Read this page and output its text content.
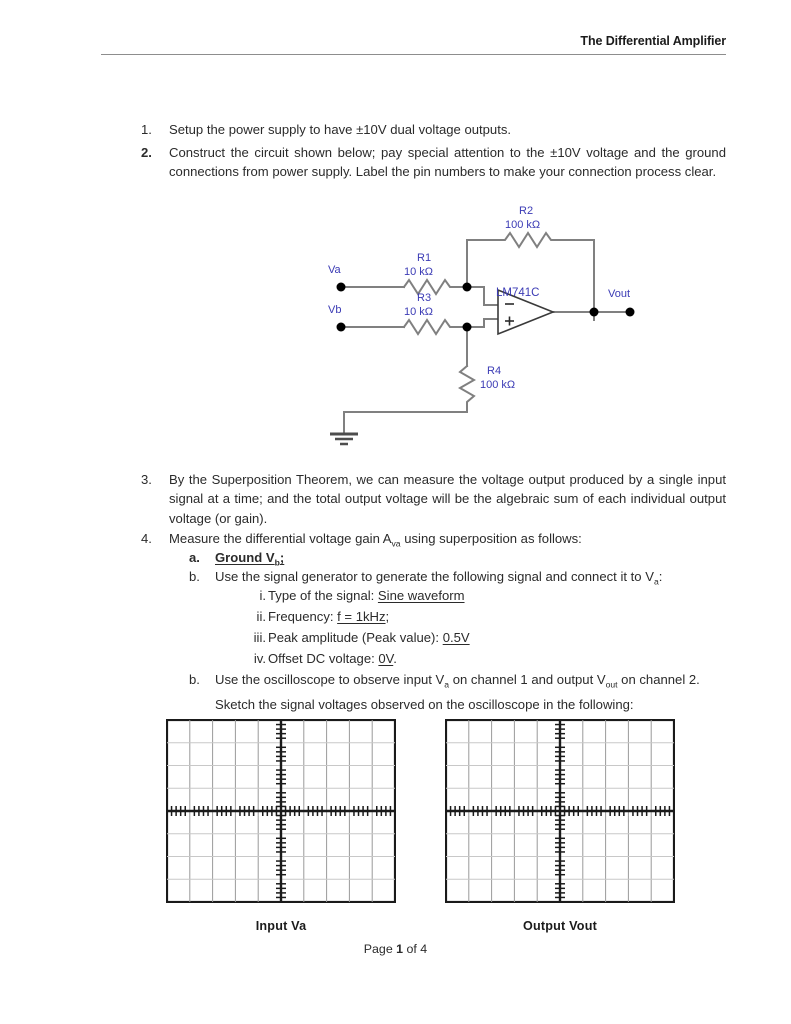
The Differential Amplifier
1.	Setup the power supply to have ±10V dual voltage outputs.
2.	Construct the circuit shown below; pay special attention to the ±10V voltage and the ground connections from power supply. Label the pin numbers to make your connection process clear.
3.	By the Superposition Theorem, we can measure the voltage output produced by a single input signal at a time; and the total output voltage will be the algebraic sum of each individual output voltage (or gain).
4.	Measure the differential voltage gain $A_{va}$ using superposition as follows:
a.	Ground $V_b$;
b.	Use the signal generator to generate the following signal and connect it to $V_a$:
i. Type of the signal: Sine waveform
ii. Frequency: f = 1kHz;
iii. Peak amplitude (Peak value): 0.5V
iv. Offset DC voltage: 0V.
b.	Use the oscilloscope to observe input $V_a$ on channel 1 and output $V_{out}$ on channel 2. Sketch the signal voltages observed on the oscilloscope in the following:
Va
Vb
Vout
R1
10 kΩ
R3
10 kΩ
R2
100 kΩ
R4
100 kΩ
LM741C
Input Va	Output Vout
Page 1 of 4
